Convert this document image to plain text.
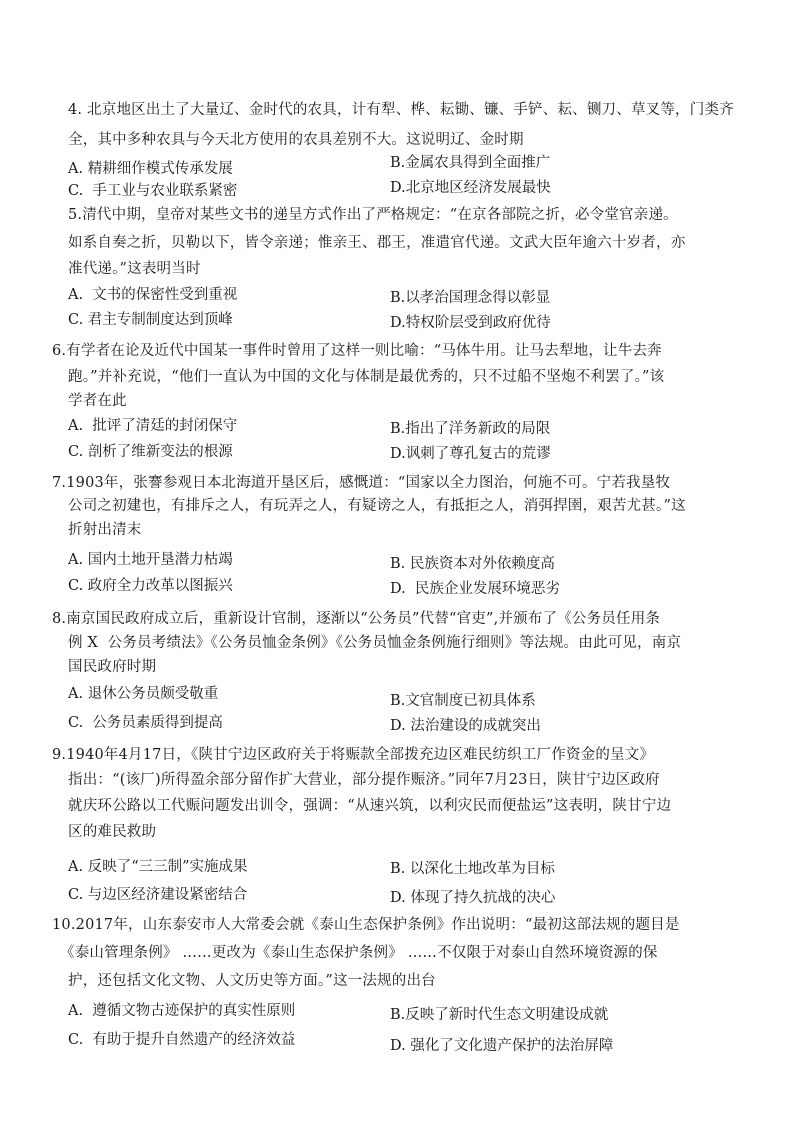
4. 北京地区出土了大量辽、金时代的农具，计有犁、桦、耘锄、镰、手铲、耘、铡刀、草叉等，门类齐
全，其中多种农具与今天北方使用的农具差别不大。这说明辽、金时期
A. 精耕细作模式传承发展	B.金属农具得到全面推广
C.  手工业与农业联系紧密	D.北京地区经济发展最快
5.清代中期，皇帝对某些文书的递呈方式作出了严格规定：“在京各部院之折，必令堂官亲递。
如系自奏之折，贝勒以下，皆令亲递；惟亲王、郡王，准遣官代递。文武大臣年逾六十岁者，亦
准代递。”这表明当时
A.  文书的保密性受到重视	B.以孝治国理念得以彰显
C. 君主专制制度达到顶峰	D.特权阶层受到政府优待
6.有学者在论及近代中国某一事件时曾用了这样一则比喻：“马体牛用。让马去犁地，让牛去奔
跑。”并补充说，“他们一直认为中国的文化与体制是最优秀的，只不过船不坚炮不利罢了。”该
学者在此
A.  批评了清廷的封闭保守	B.指出了洋务新政的局限
C. 剖析了维新变法的根源	D.讽刺了尊孔复古的荒谬
7.1903年，张謇参观日本北海道开垦区后，感慨道：“国家以全力图治，何施不可。宁若我垦牧
公司之初建也，有排斥之人，有玩弄之人，有疑谤之人，有抵拒之人，消弭捍圉，艰苦尤甚。”这
折射出清末
A. 国内土地开垦潜力枯竭	B. 民族资本对外依赖度高
C. 政府全力改革以图振兴	D.  民族企业发展环境恶劣
8.南京国民政府成立后，重新设计官制，逐渐以“公务员”代替“官吏”,并颁布了《公务员任用条
例 X  公务员考绩法》《公务员恤金条例》《公务员恤金条例施行细则》等法规。由此可见，南京
国民政府时期
A. 退休公务员颇受敬重	B.文官制度已初具体系
C.  公务员素质得到提高	D. 法治建设的成就突出
9.1940年4月17日，《陕甘宁边区政府关于将赈款全部拨充边区难民纺织工厂作资金的呈文》
指出：“(该厂)所得盈余部分留作扩大营业，部分提作赈济。”同年7月23日，陕甘宁边区政府
就庆环公路以工代赈问题发出训令，强调：“从速兴筑，以利灾民而便盐运”这表明，陕甘宁边
区的难民救助
A. 反映了“三三制”实施成果	B. 以深化土地改革为目标
C. 与边区经济建设紧密结合	D. 体现了持久抗战的决心
10.2017年，山东泰安市人大常委会就《泰山生态保护条例》作出说明：“最初这部法规的题目是
《泰山管理条例》 ……更改为《泰山生态保护条例》 ……不仅限于对泰山自然环境资源的保
护，还包括文化文物、人文历史等方面。”这一法规的出台
A.  遵循文物古迹保护的真实性原则	B.反映了新时代生态文明建设成就
C.  有助于提升自然遗产的经济效益	D. 强化了文化遗产保护的法治屏障
